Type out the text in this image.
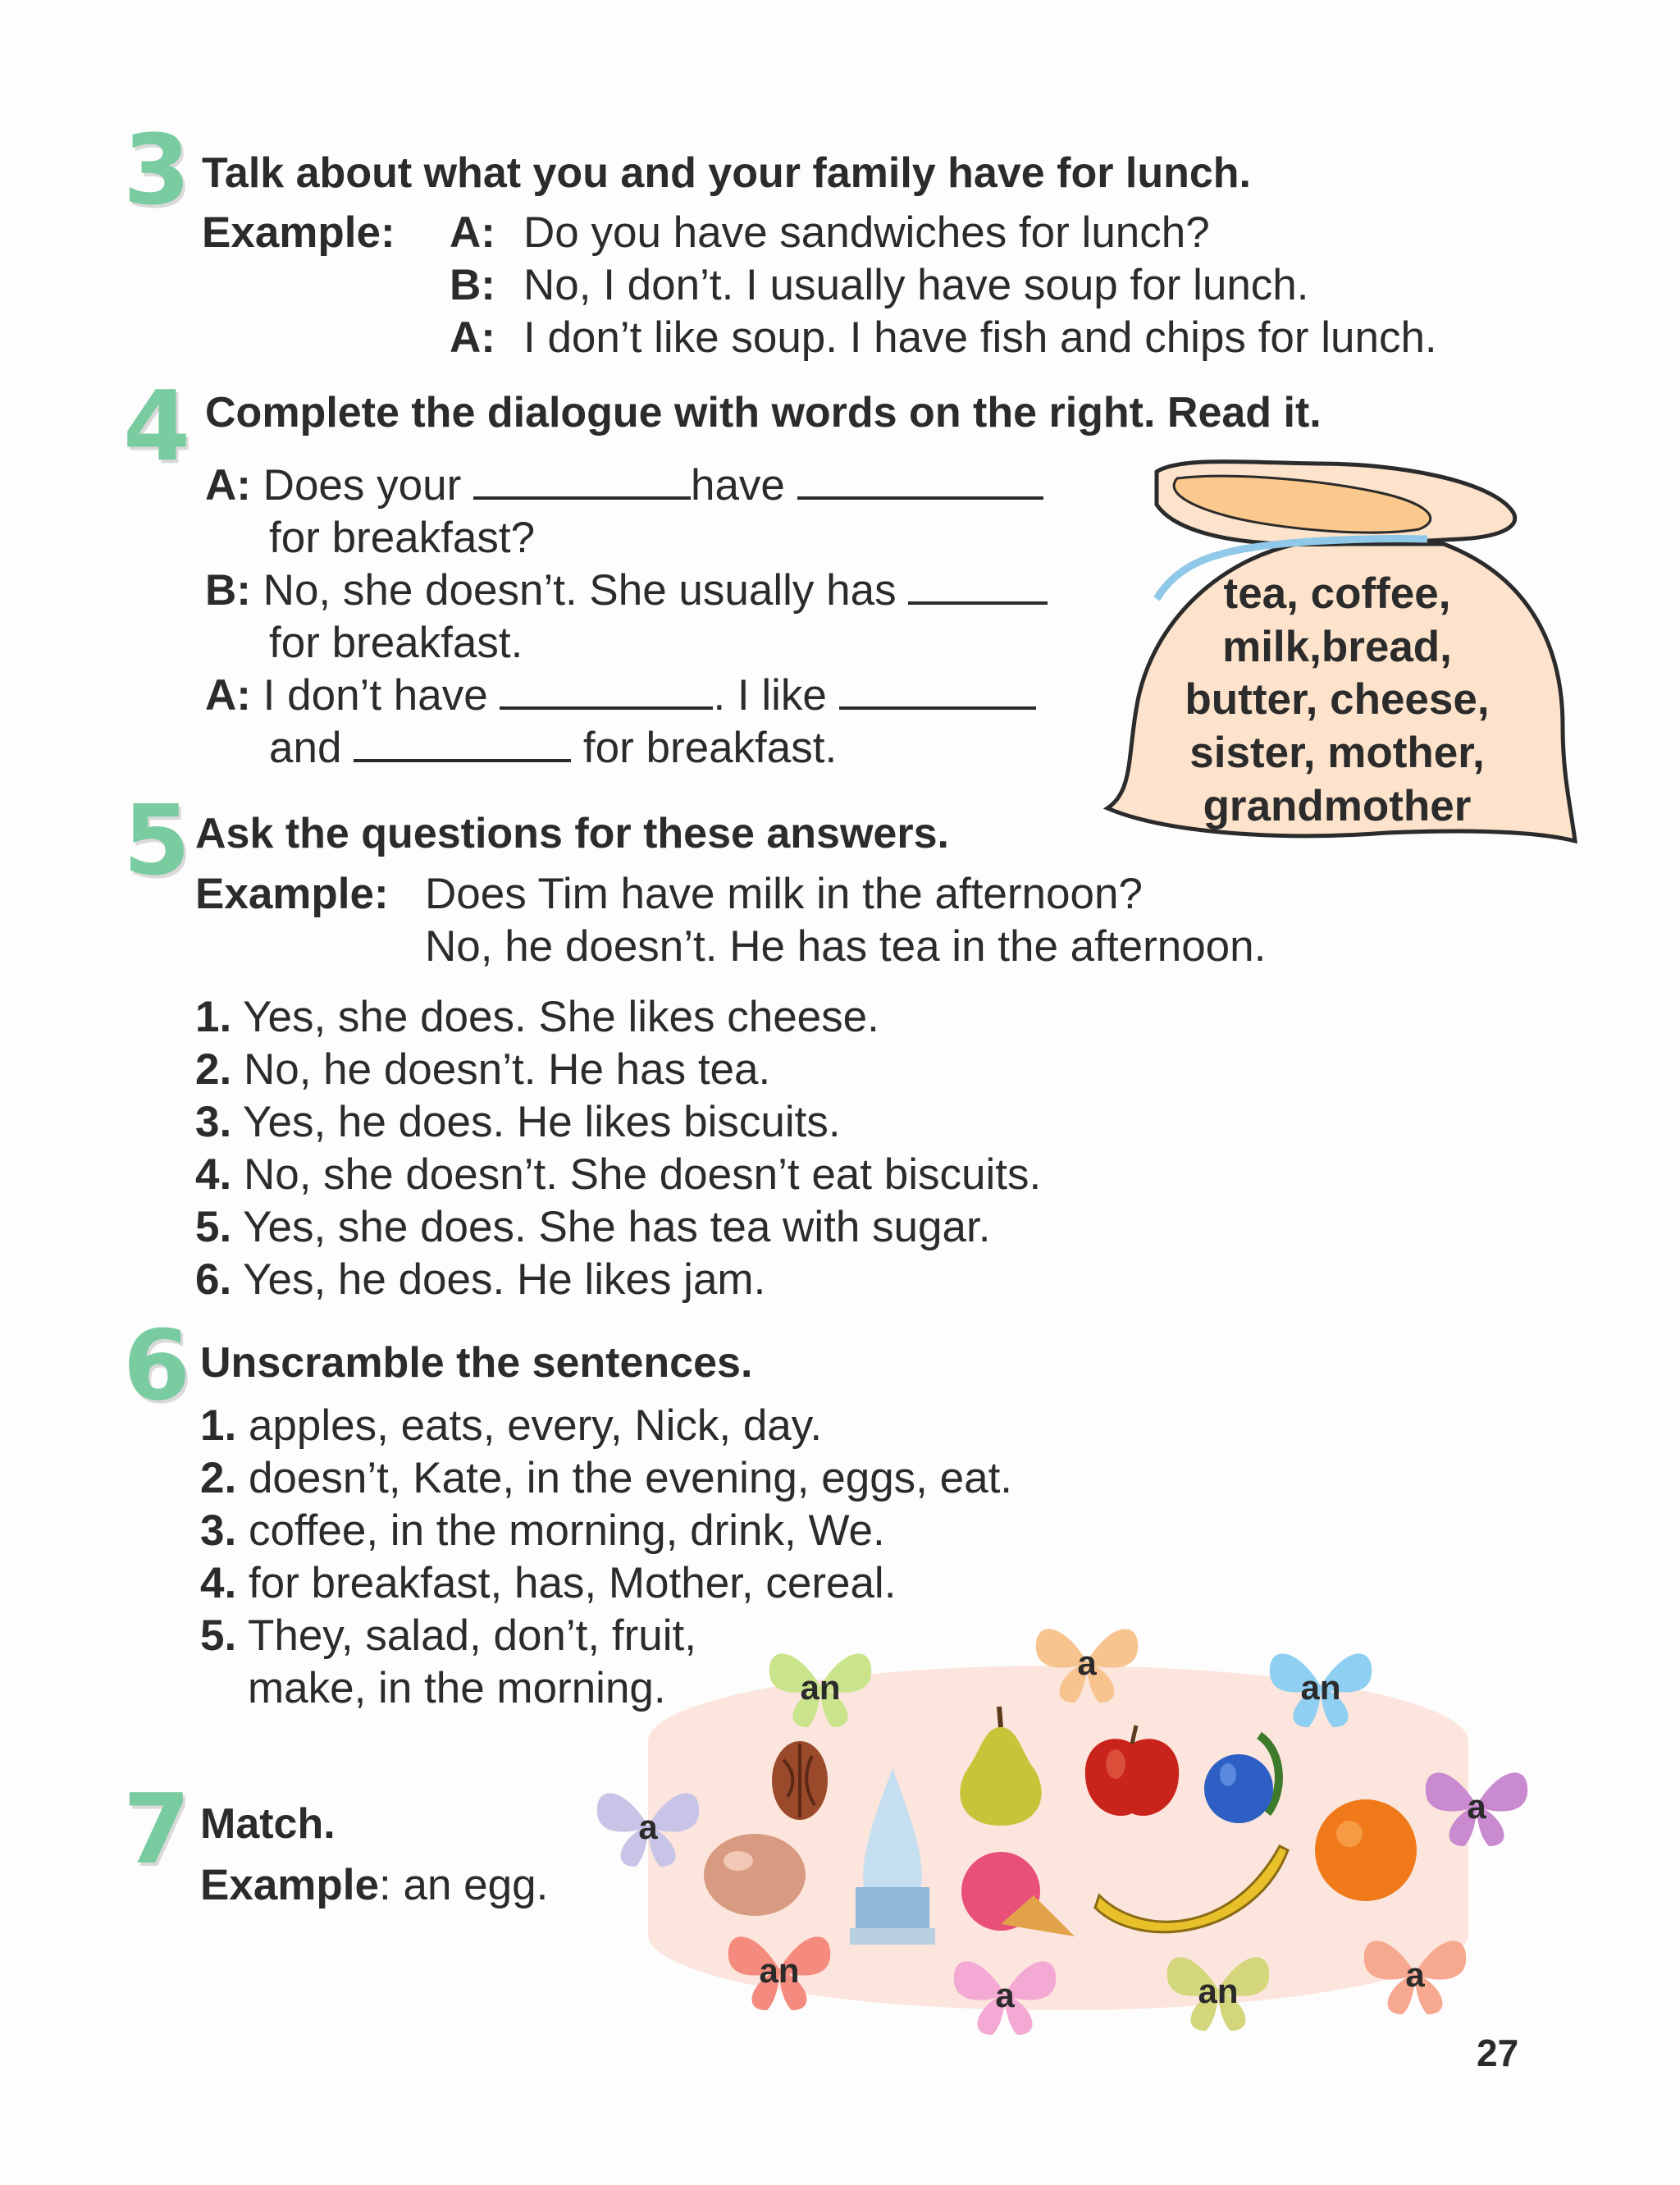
3 Talk about what you and your family have for lunch.
Example: A: Do you have sandwiches for lunch?
B: No, I don’t. I usually have soup for lunch.
A: I don’t like soup. I have fish and chips for lunch.
4 Complete the dialogue with words on the right. Read it.
A: Does your	have
for breakfast?
B: No, she doesn’t. She usually has
for breakfast.
A: I don’t have	. I like
and	for breakfast.
tea, coffee,
milk,bread,
butter, cheese,
sister, mother,
grandmother
5 Ask the questions for these answers.
Example: Does Tim have milk in the afternoon?
No, he doesn’t. He has tea in the afternoon.
1. Yes, she does. She likes cheese.
2. No, he doesn’t. He has tea.
3. Yes, he does. He likes biscuits.
4. No, she doesn’t. She doesn’t eat biscuits.
5. Yes, she does. She has tea with sugar.
6. Yes, he does. He likes jam.
6 Unscramble the sentences.
1. apples, eats, every, Nick, day.
2. doesn’t, Kate, in the evening, eggs, eat.
3. coffee, in the morning, drink, We.
4. for breakfast, has, Mother, cereal.
5. They, salad, don’t, fruit,
make, in the morning.
7 Match.
Example: an egg.
an
a
an
a
a
an
a	an	a
27
